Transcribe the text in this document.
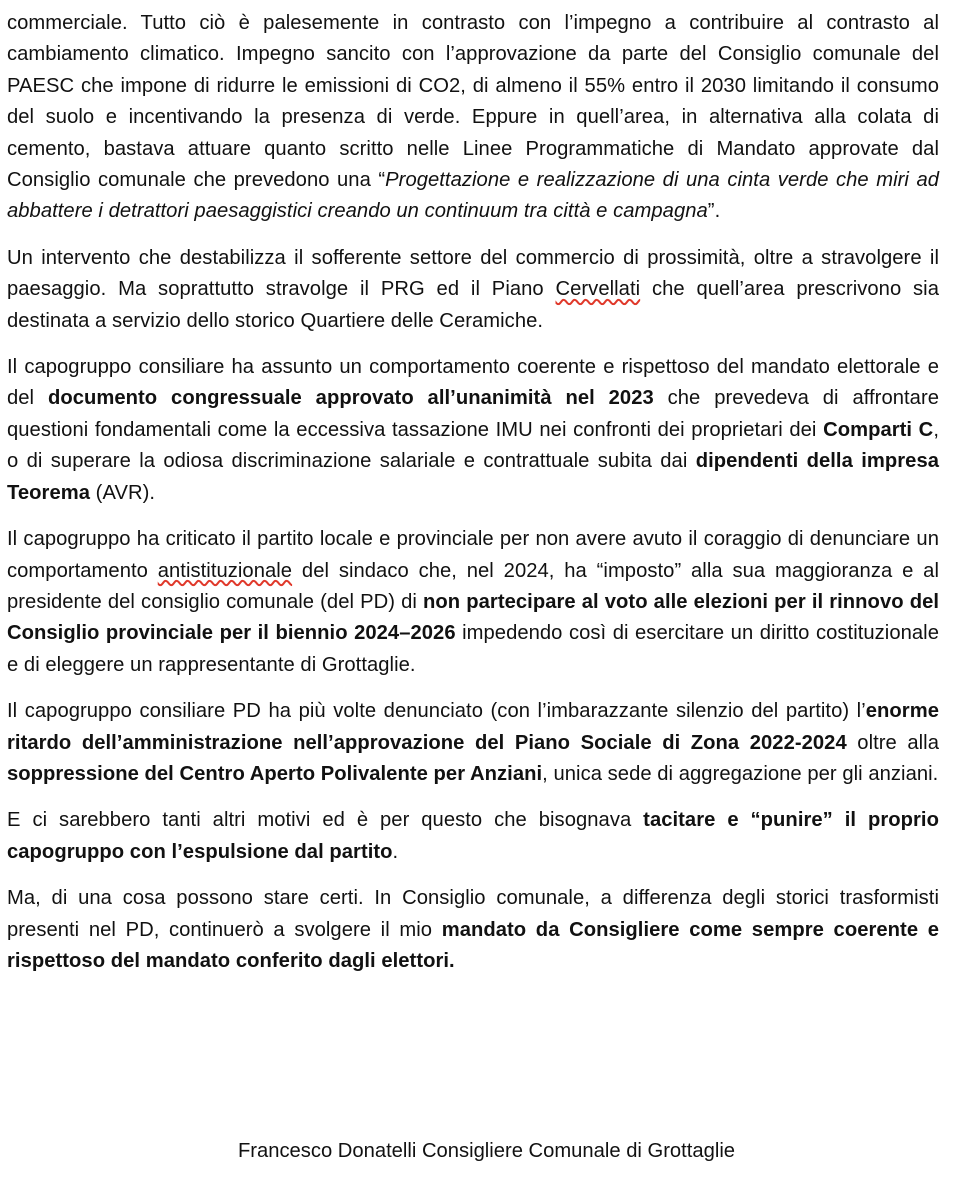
commerciale. Tutto ciò è palesemente in contrasto con l’impegno a contribuire al contrasto al cambiamento climatico. Impegno sancito con l’approvazione da parte del Consiglio comunale del PAESC che impone di ridurre le emissioni di CO2, di almeno il 55% entro il 2030 limitando il consumo del suolo e incentivando la presenza di verde. Eppure in quell’area, in alternativa alla colata di cemento, bastava attuare quanto scritto nelle Linee Programmatiche di Mandato approvate dal Consiglio comunale che prevedono una “Progettazione e realizzazione di una cinta verde che miri ad abbattere i detrattori paesaggistici creando un continuum tra città e campagna”.

Un intervento che destabilizza il sofferente settore del commercio di prossimità, oltre a stravolgere il paesaggio. Ma soprattutto stravolge il PRG ed il Piano Cervellati che quell’area prescrivono sia destinata a servizio dello storico Quartiere delle Ceramiche.

Il capogruppo consiliare ha assunto un comportamento coerente e rispettoso del mandato elettorale e del documento congressuale approvato all’unanimità nel 2023 che prevedeva di affrontare questioni fondamentali come la eccessiva tassazione IMU nei confronti dei proprietari dei Comparti C, o di superare la odiosa discriminazione salariale e contrattuale subita dai dipendenti della impresa Teorema (AVR).

Il capogruppo ha criticato il partito locale e provinciale per non avere avuto il coraggio di denunciare un comportamento antistituzionale del sindaco che, nel 2024, ha “imposto” alla sua maggioranza e al presidente del consiglio comunale (del PD) di non partecipare al voto alle elezioni per il rinnovo del Consiglio provinciale per il biennio 2024–2026 impedendo così di esercitare un diritto costituzionale e di eleggere un rappresentante di Grottaglie.

Il capogruppo consiliare PD ha più volte denunciato (con l’imbarazzante silenzio del partito) l’enorme ritardo dell’amministrazione nell’approvazione del Piano Sociale di Zona 2022-2024 oltre alla soppressione del Centro Aperto Polivalente per Anziani, unica sede di aggregazione per gli anziani.

E ci sarebbero tanti altri motivi ed è per questo che bisognava tacitare e “punire” il proprio capogruppo con l’espulsione dal partito.

Ma, di una cosa possono stare certi. In Consiglio comunale, a differenza degli storici trasformisti presenti nel PD, continuerò a svolgere il mio mandato da Consigliere come sempre coerente e rispettoso del mandato conferito dagli elettori.

Francesco Donatelli Consigliere Comunale di Grottaglie
